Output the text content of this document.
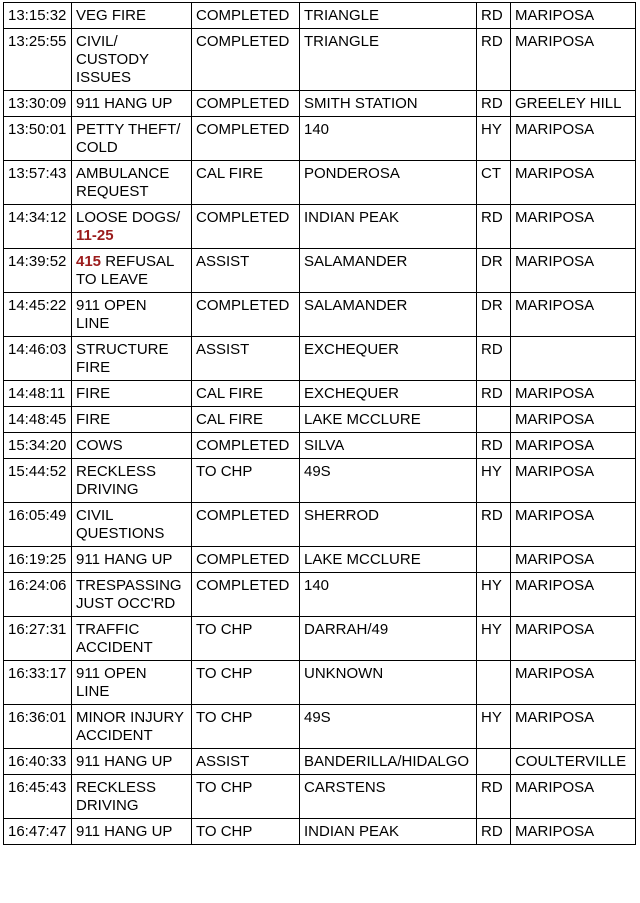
13:15:32	VEG FIRE	COMPLETED	TRIANGLE	RD	MARIPOSA
13:25:55	CIVIL/
CUSTODY
ISSUES	COMPLETED	TRIANGLE	RD	MARIPOSA
13:30:09	911 HANG UP	COMPLETED	SMITH STATION	RD	GREELEY HILL
13:50:01	PETTY THEFT/
COLD	COMPLETED	140	HY	MARIPOSA
13:57:43	AMBULANCE
REQUEST	CAL FIRE	PONDEROSA	CT	MARIPOSA
14:34:12	LOOSE DOGS/
11-25	COMPLETED	INDIAN PEAK	RD	MARIPOSA
14:39:52	415 REFUSAL
TO LEAVE	ASSIST	SALAMANDER	DR	MARIPOSA
14:45:22	911 OPEN
LINE	COMPLETED	SALAMANDER	DR	MARIPOSA
14:46:03	STRUCTURE
FIRE	ASSIST	EXCHEQUER	RD	
14:48:11	FIRE	CAL FIRE	EXCHEQUER	RD	MARIPOSA
14:48:45	FIRE	CAL FIRE	LAKE MCCLURE		MARIPOSA
15:34:20	COWS	COMPLETED	SILVA	RD	MARIPOSA
15:44:52	RECKLESS
DRIVING	TO CHP	49S	HY	MARIPOSA
16:05:49	CIVIL
QUESTIONS	COMPLETED	SHERROD	RD	MARIPOSA
16:19:25	911 HANG UP	COMPLETED	LAKE MCCLURE		MARIPOSA
16:24:06	TRESPASSING
JUST OCC'RD	COMPLETED	140	HY	MARIPOSA
16:27:31	TRAFFIC
ACCIDENT	TO CHP	DARRAH/49	HY	MARIPOSA
16:33:17	911 OPEN
LINE	TO CHP	UNKNOWN		MARIPOSA
16:36:01	MINOR INJURY
ACCIDENT	TO CHP	49S	HY	MARIPOSA
16:40:33	911 HANG UP	ASSIST	BANDERILLA/HIDALGO		COULTERVILLE
16:45:43	RECKLESS
DRIVING	TO CHP	CARSTENS	RD	MARIPOSA
16:47:47	911 HANG UP	TO CHP	INDIAN PEAK	RD	MARIPOSA
